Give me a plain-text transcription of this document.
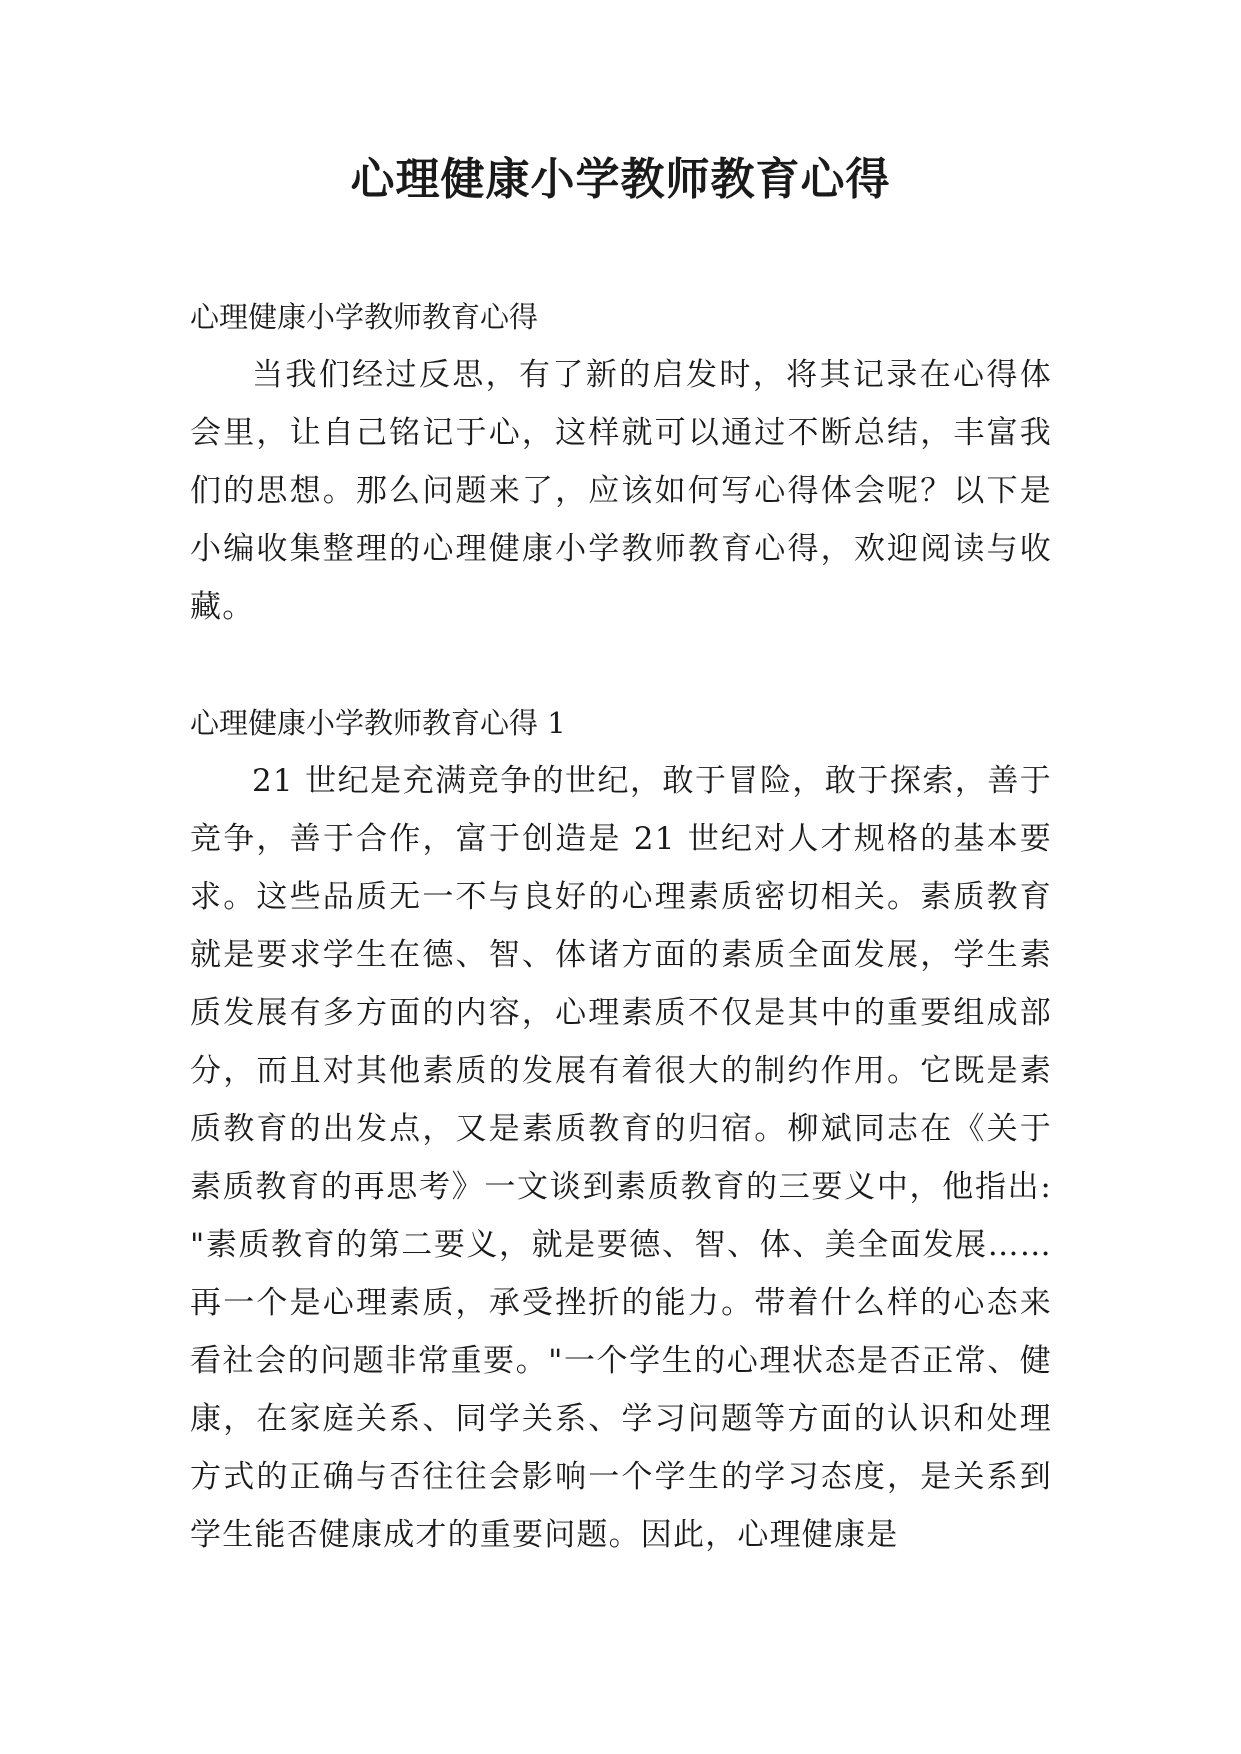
心理健康小学教师教育心得

心理健康小学教师教育心得

当我们经过反思，有了新的启发时，将其记录在心得体会里，让自己铭记于心，这样就可以通过不断总结，丰富我们的思想。那么问题来了，应该如何写心得体会呢？以下是小编收集整理的心理健康小学教师教育心得，欢迎阅读与收藏。

心理健康小学教师教育心得 1

21 世纪是充满竞争的世纪，敢于冒险，敢于探索，善于竞争，善于合作，富于创造是 21 世纪对人才规格的基本要求。这些品质无一不与良好的心理素质密切相关。素质教育就是要求学生在德、智、体诸方面的素质全面发展，学生素质发展有多方面的内容，心理素质不仅是其中的重要组成部分，而且对其他素质的发展有着很大的制约作用。它既是素质教育的出发点，又是素质教育的归宿。柳斌同志在《关于素质教育的再思考》一文谈到素质教育的三要义中，他指出: "素质教育的第二要义，就是要德、智、体、美全面发展……再一个是心理素质，承受挫折的能力。带着什么样的心态来看社会的问题非常重要。"一个学生的心理状态是否正常、健康，在家庭关系、同学关系、学习问题等方面的认识和处理方式的正确与否往往会影响一个学生的学习态度，是关系到学生能否健康成才的重要问题。因此，心理健康是
